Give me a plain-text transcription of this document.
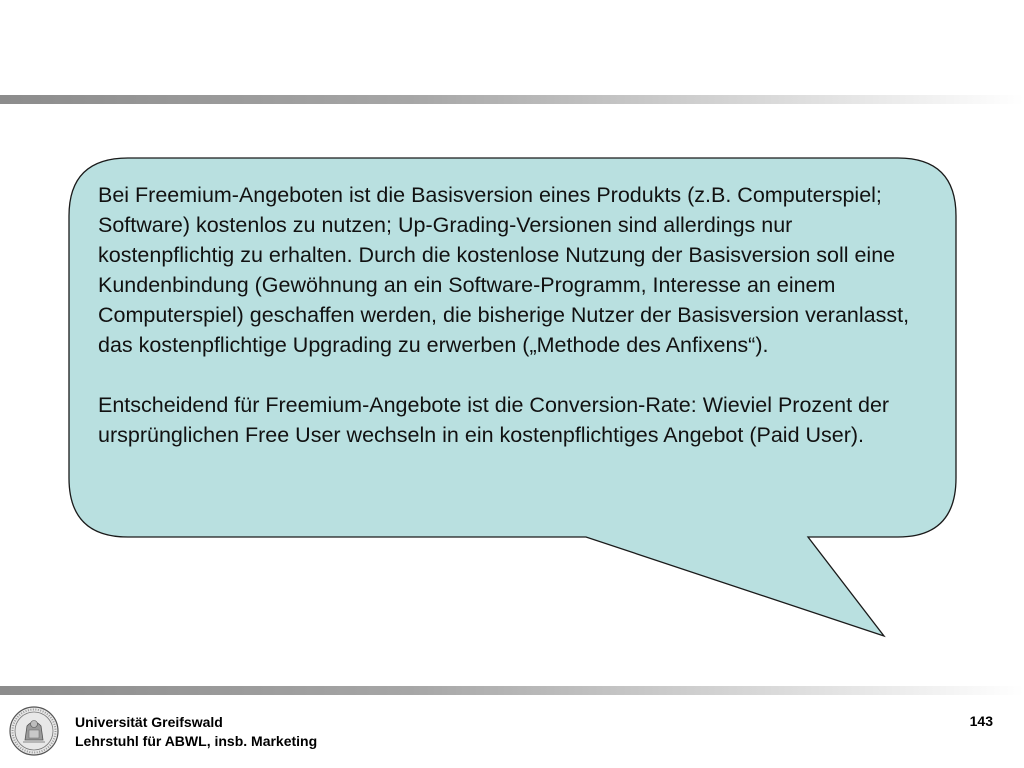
Bei Freemium-Angeboten ist die Basisversion eines Produkts (z.B. Computerspiel; Software) kostenlos zu nutzen; Up-Grading-Versionen sind allerdings nur kostenpflichtig zu erhalten. Durch die kostenlose Nutzung der Basisversion soll eine Kundenbindung (Gewöhnung an ein Software-Programm, Interesse an einem Computerspiel) geschaffen werden, die bisherige Nutzer der Basisversion veranlasst, das kostenpflichtige Upgrading zu erwerben („Methode des Anfixens“).

Entscheidend für Freemium-Angebote ist die Conversion-Rate: Wieviel Prozent der ursprünglichen Free User wechseln in ein kostenpflichtiges Angebot (Paid User).

Universität Greifswald
Lehrstuhl für ABWL, insb. Marketing
143
